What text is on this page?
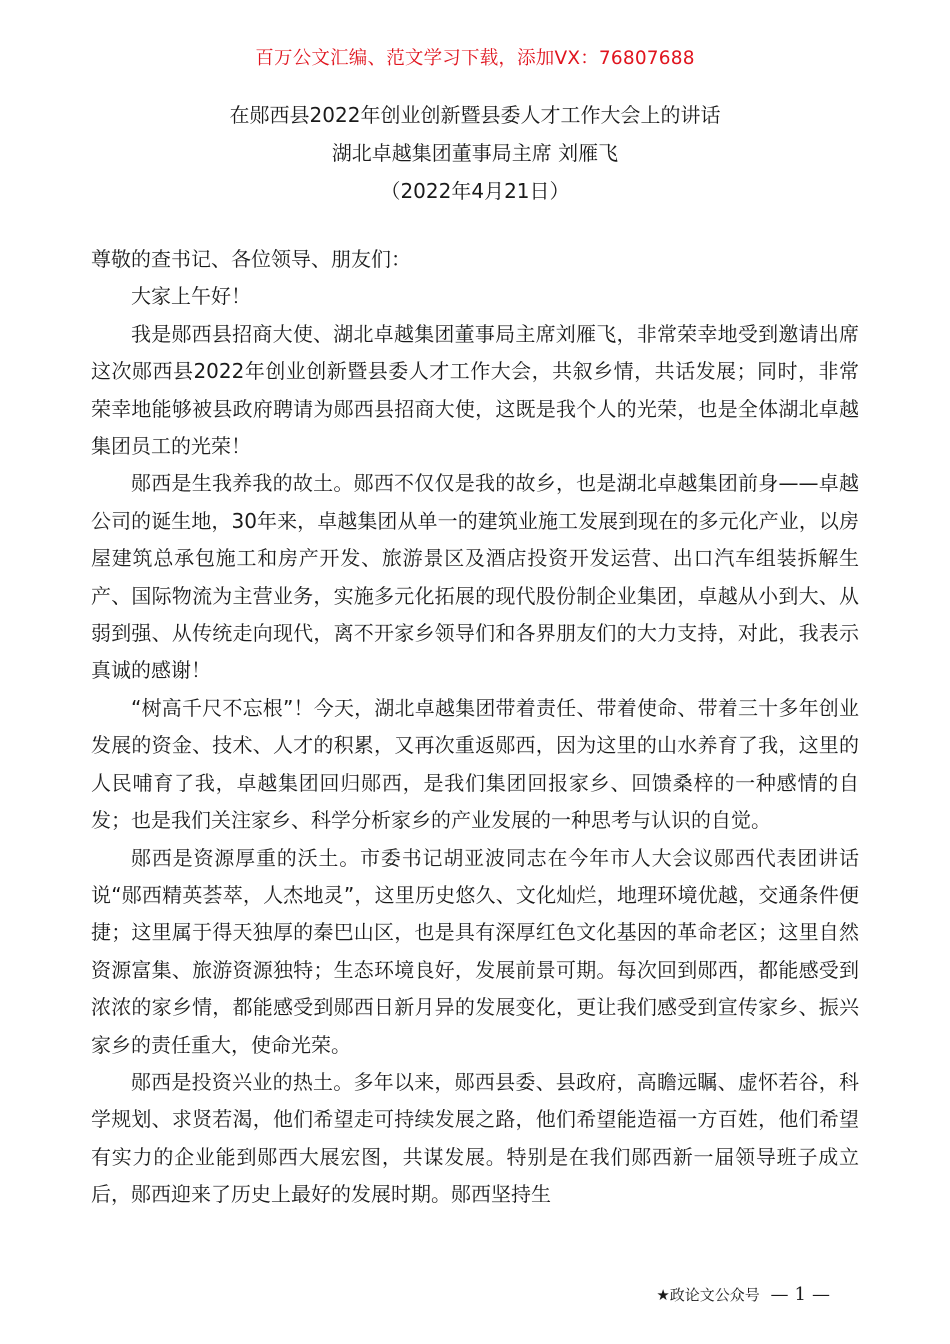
百万公文汇编、范文学习下载，添加VX：76807688
在郧西县2022年创业创新暨县委人才工作大会上的讲话
湖北卓越集团董事局主席 刘雁飞
（2022年4月21日）

尊敬的查书记、各位领导、朋友们：

大家上午好！

我是郧西县招商大使、湖北卓越集团董事局主席刘雁飞，非常荣幸地受到邀请出席这次郧西县2022年创业创新暨县委人才工作大会，共叙乡情，共话发展；同时，非常荣幸地能够被县政府聘请为郧西县招商大使，这既是我个人的光荣，也是全体湖北卓越集团员工的光荣！

郧西是生我养我的故土。郧西不仅仅是我的故乡，也是湖北卓越集团前身——卓越公司的诞生地，30年来，卓越集团从单一的建筑业施工发展到现在的多元化产业，以房屋建筑总承包施工和房产开发、旅游景区及酒店投资开发运营、出口汽车组装拆解生产、国际物流为主营业务，实施多元化拓展的现代股份制企业集团，卓越从小到大、从弱到强、从传统走向现代，离不开家乡领导们和各界朋友们的大力支持，对此，我表示真诚的感谢！

“树高千尺不忘根”！今天，湖北卓越集团带着责任、带着使命、带着三十多年创业发展的资金、技术、人才的积累，又再次重返郧西，因为这里的山水养育了我，这里的人民哺育了我，卓越集团回归郧西，是我们集团回报家乡、回馈桑梓的一种感情的自发；也是我们关注家乡、科学分析家乡的产业发展的一种思考与认识的自觉。

郧西是资源厚重的沃土。市委书记胡亚波同志在今年市人大会议郧西代表团讲话说“郧西精英荟萃，人杰地灵”，这里历史悠久、文化灿烂，地理环境优越，交通条件便捷；这里属于得天独厚的秦巴山区，也是具有深厚红色文化基因的革命老区；这里自然资源富集、旅游资源独特；生态环境良好，发展前景可期。每次回到郧西，都能感受到浓浓的家乡情，都能感受到郧西日新月异的发展变化，更让我们感受到宣传家乡、振兴家乡的责任重大，使命光荣。

郧西是投资兴业的热土。多年以来，郧西县委、县政府，高瞻远瞩、虚怀若谷，科学规划、求贤若渴，他们希望走可持续发展之路，他们希望能造福一方百姓，他们希望有实力的企业能到郧西大展宏图，共谋发展。特别是在我们郧西新一届领导班子成立后，郧西迎来了历史上最好的发展时期。郧西坚持生

★政论文公众号 — 1 —
